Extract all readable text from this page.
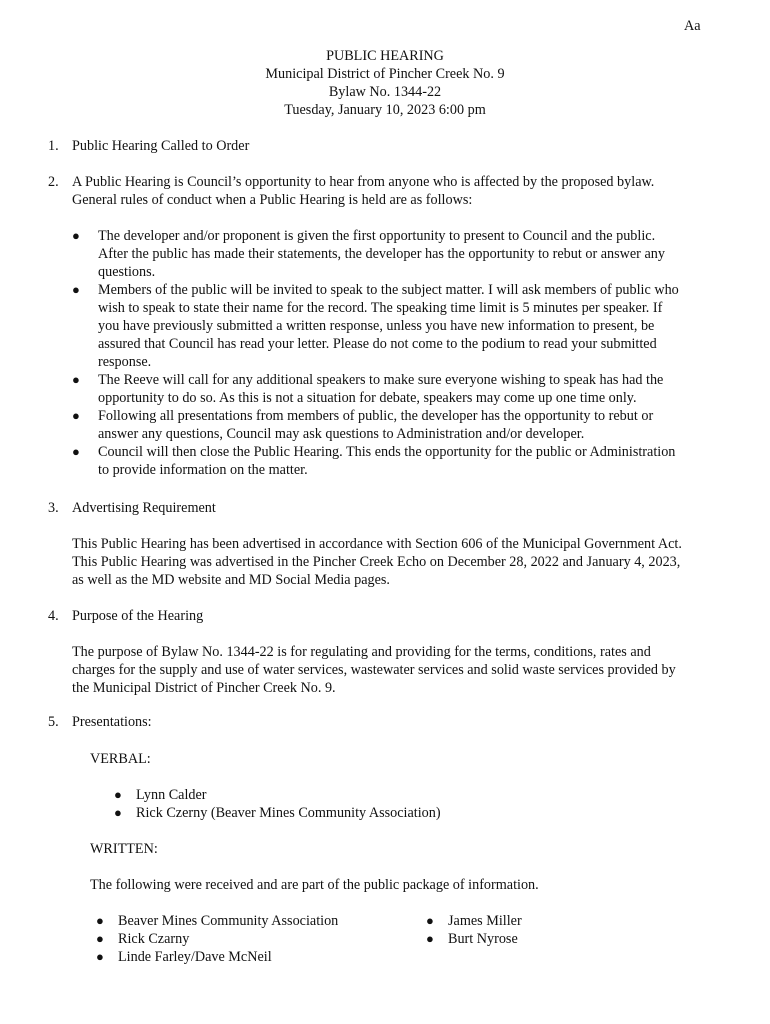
Aa
PUBLIC HEARING
Municipal District of Pincher Creek No. 9
Bylaw No. 1344-22
Tuesday, January 10, 2023 6:00 pm
1. Public Hearing Called to Order
2. A Public Hearing is Council’s opportunity to hear from anyone who is affected by the proposed bylaw.
General rules of conduct when a Public Hearing is held are as follows:
● The developer and/or proponent is given the first opportunity to present to Council and the public.
After the public has made their statements, the developer has the opportunity to rebut or answer any
questions.
● Members of the public will be invited to speak to the subject matter. I will ask members of public who
wish to speak to state their name for the record. The speaking time limit is 5 minutes per speaker. If
you have previously submitted a written response, unless you have new information to present, be
assured that Council has read your letter. Please do not come to the podium to read your submitted
response.
● The Reeve will call for any additional speakers to make sure everyone wishing to speak has had the
opportunity to do so. As this is not a situation for debate, speakers may come up one time only.
● Following all presentations from members of public, the developer has the opportunity to rebut or
answer any questions, Council may ask questions to Administration and/or developer.
● Council will then close the Public Hearing. This ends the opportunity for the public or Administration
to provide information on the matter.
3. Advertising Requirement
This Public Hearing has been advertised in accordance with Section 606 of the Municipal Government Act.
This Public Hearing was advertised in the Pincher Creek Echo on December 28, 2022 and January 4, 2023,
as well as the MD website and MD Social Media pages.
4. Purpose of the Hearing
The purpose of Bylaw No. 1344-22 is for regulating and providing for the terms, conditions, rates and
charges for the supply and use of water services, wastewater services and solid waste services provided by
the Municipal District of Pincher Creek No. 9.
5. Presentations:
VERBAL:
● Lynn Calder
● Rick Czerny (Beaver Mines Community Association)
WRITTEN:
The following were received and are part of the public package of information.
● Beaver Mines Community Association
● Rick Czarny
● Linde Farley/Dave McNeil
● James Miller
● Burt Nyrose
